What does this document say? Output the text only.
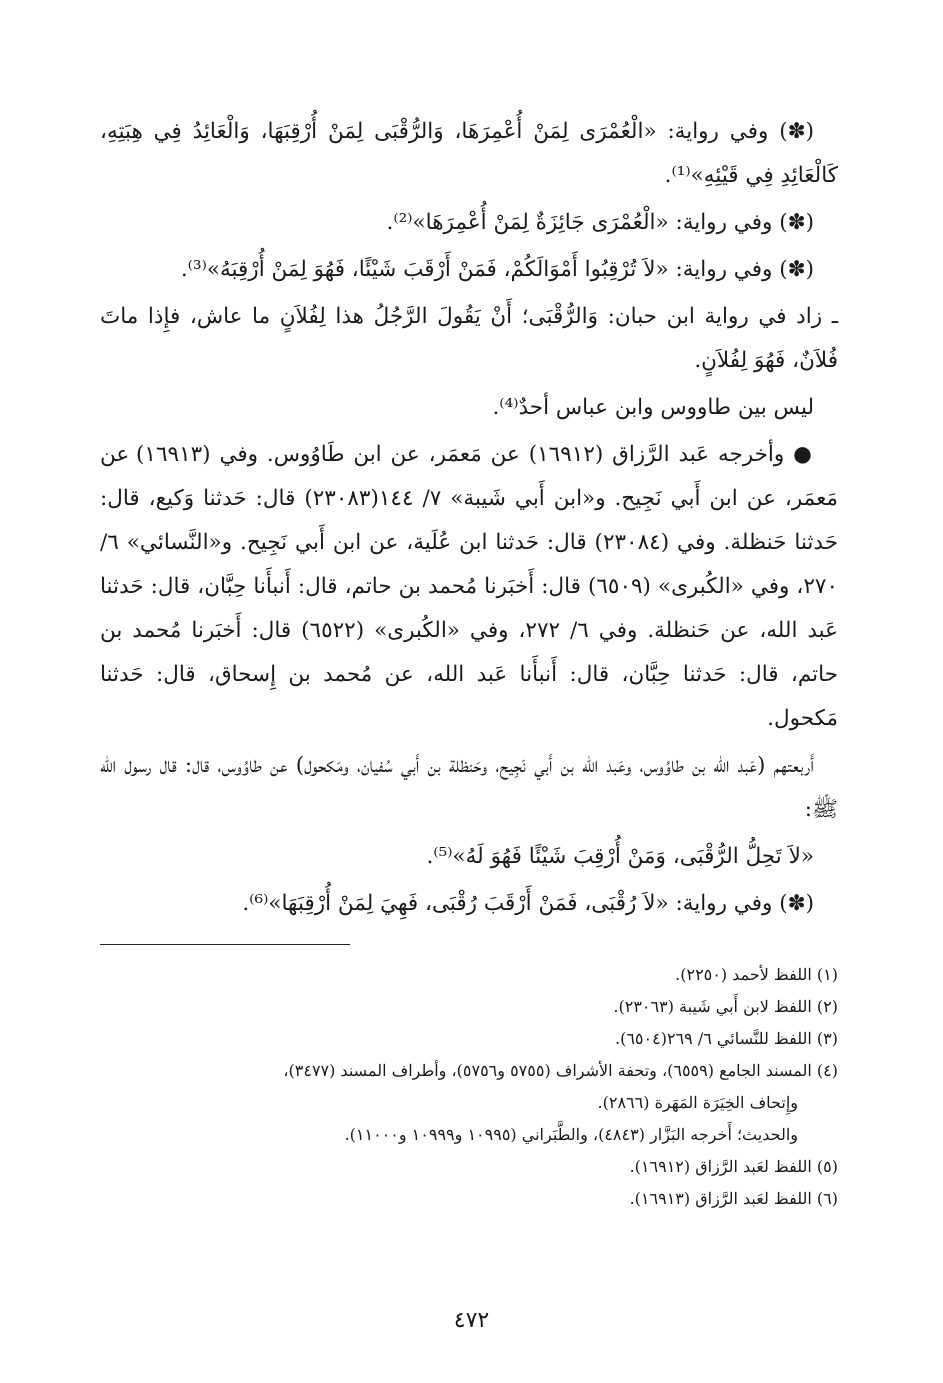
(✽) وفي رواية: «الْعُمْرَى لِمَنْ أُعْمِرَهَا، وَالرُّقْبَى لِمَنْ أُرْقِبَهَا، وَالْعَائِدُ فِي هِبَتِهِ، كَالْعَائِدِ فِي قَيْئِهِ»⁽¹⁾.

(✽) وفي رواية: «الْعُمْرَى جَائِزَةٌ لِمَنْ أُعْمِرَهَا»⁽²⁾.

(✽) وفي رواية: «لاَ تُرْقِبُوا أَمْوَالَكُمْ، فَمَنْ أَرْقَبَ شَيْئًا، فَهُوَ لِمَنْ أُرْقِبَهُ»⁽³⁾.

ـ زاد في رواية ابن حبان: وَالرُّقْبَى؛ أَنْ يَقُولَ الرَّجُلُ هذا لِفُلاَنٍ ما عاش، فإِذا ماتَ فُلاَنٌ، فَهُوَ لِفُلاَنٍ.

ليس بين طاووس وابن عباس أحدٌ⁽⁴⁾.

● وأخرجه عَبد الرَّزاق (١٦٩١٢) عن مَعمَر، عن ابن طَاوُوس. وفي (١٦٩١٣) عن مَعمَر، عن ابن أَبي نَجِيح. و«ابن أَبي شَيبة» ٧/ ١٤٤(٢٣٠٨٣) قال: حَدثنا وَكيع، قال: حَدثنا حَنظلة. وفي (٢٣٠٨٤) قال: حَدثنا ابن عُلَية، عن ابن أَبي نَجِيح. و«النَّسائي» ٦/ ٢٧٠، وفي «الكُبرى» (٦٥٠٩) قال: أَخبَرنا مُحمد بن حاتم، قال: أَنبأَنا حِبَّان، قال: حَدثنا عَبد الله، عن حَنظلة. وفي ٦/ ٢٧٢، وفي «الكُبرى» (٦٥٢٢) قال: أَخبَرنا مُحمد بن حاتم، قال: حَدثنا حِبَّان، قال: أَنبأَنا عَبد الله، عن مُحمد بن إِسحاق، قال: حَدثنا مَكحول.

أَربعتهم (عَبد الله بن طاوُوس، وعَبد الله بن أَبي نَجِيح، وحَنظلة بن أَبي سُفيان، ومَكحول) عن طاوُوس، قال: قال رسول الله ﷺ:

«لاَ تَحِلُّ الرُّقْبَى، وَمَنْ أُرْقِبَ شَيْئًا فَهُوَ لَهُ»⁽⁵⁾.

(✽) وفي رواية: «لاَ رُقْبَى، فَمَنْ أَرْقَبَ رُقْبَى، فَهِيَ لِمَنْ أُرْقِبَهَا»⁽⁶⁾.

(١) اللفظ لأحمد (٢٢٥٠).

(٢) اللفظ لابن أَبي شَيبة (٢٣٠٦٣).

(٣) اللفظ للنَّسائي ٦/ ٢٦٩(٦٥٠٤).

(٤) المسند الجامع (٦٥٥٩)، وتحفة الأشراف (٥٧٥٥ و٥٧٥٦)، وأطراف المسند (٣٤٧٧)،

وإِتحاف الخِيَرَة المَهَرة (٢٨٦٦).

والحديث؛ أَخرجه البَزَّار (٤٨٤٣)، والطَّبَراني (١٠٩٩٥ و١٠٩٩٩ و١١٠٠٠).

(٥) اللفظ لعَبد الرَّزاق (١٦٩١٢).

(٦) اللفظ لعَبد الرَّزاق (١٦٩١٣).

٤٧٢
